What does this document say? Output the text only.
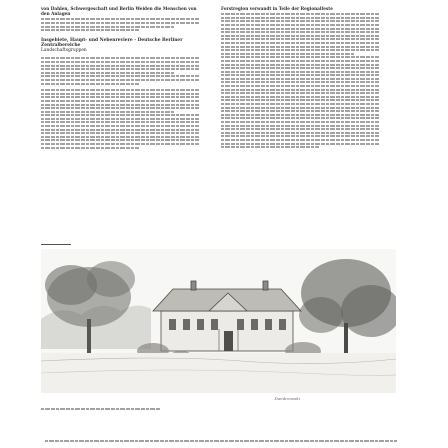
von Dahlen, Schwergeschaft und Berlin Weiden die Menschen von den Anlagen
Insgebiete, Haupt- und Nebenreviere - Deutsche Berliner Zentralbereiche
Landschaftsgruppen
Forstregion verwandt in Teile der Regionalfeste
Dambrowski
